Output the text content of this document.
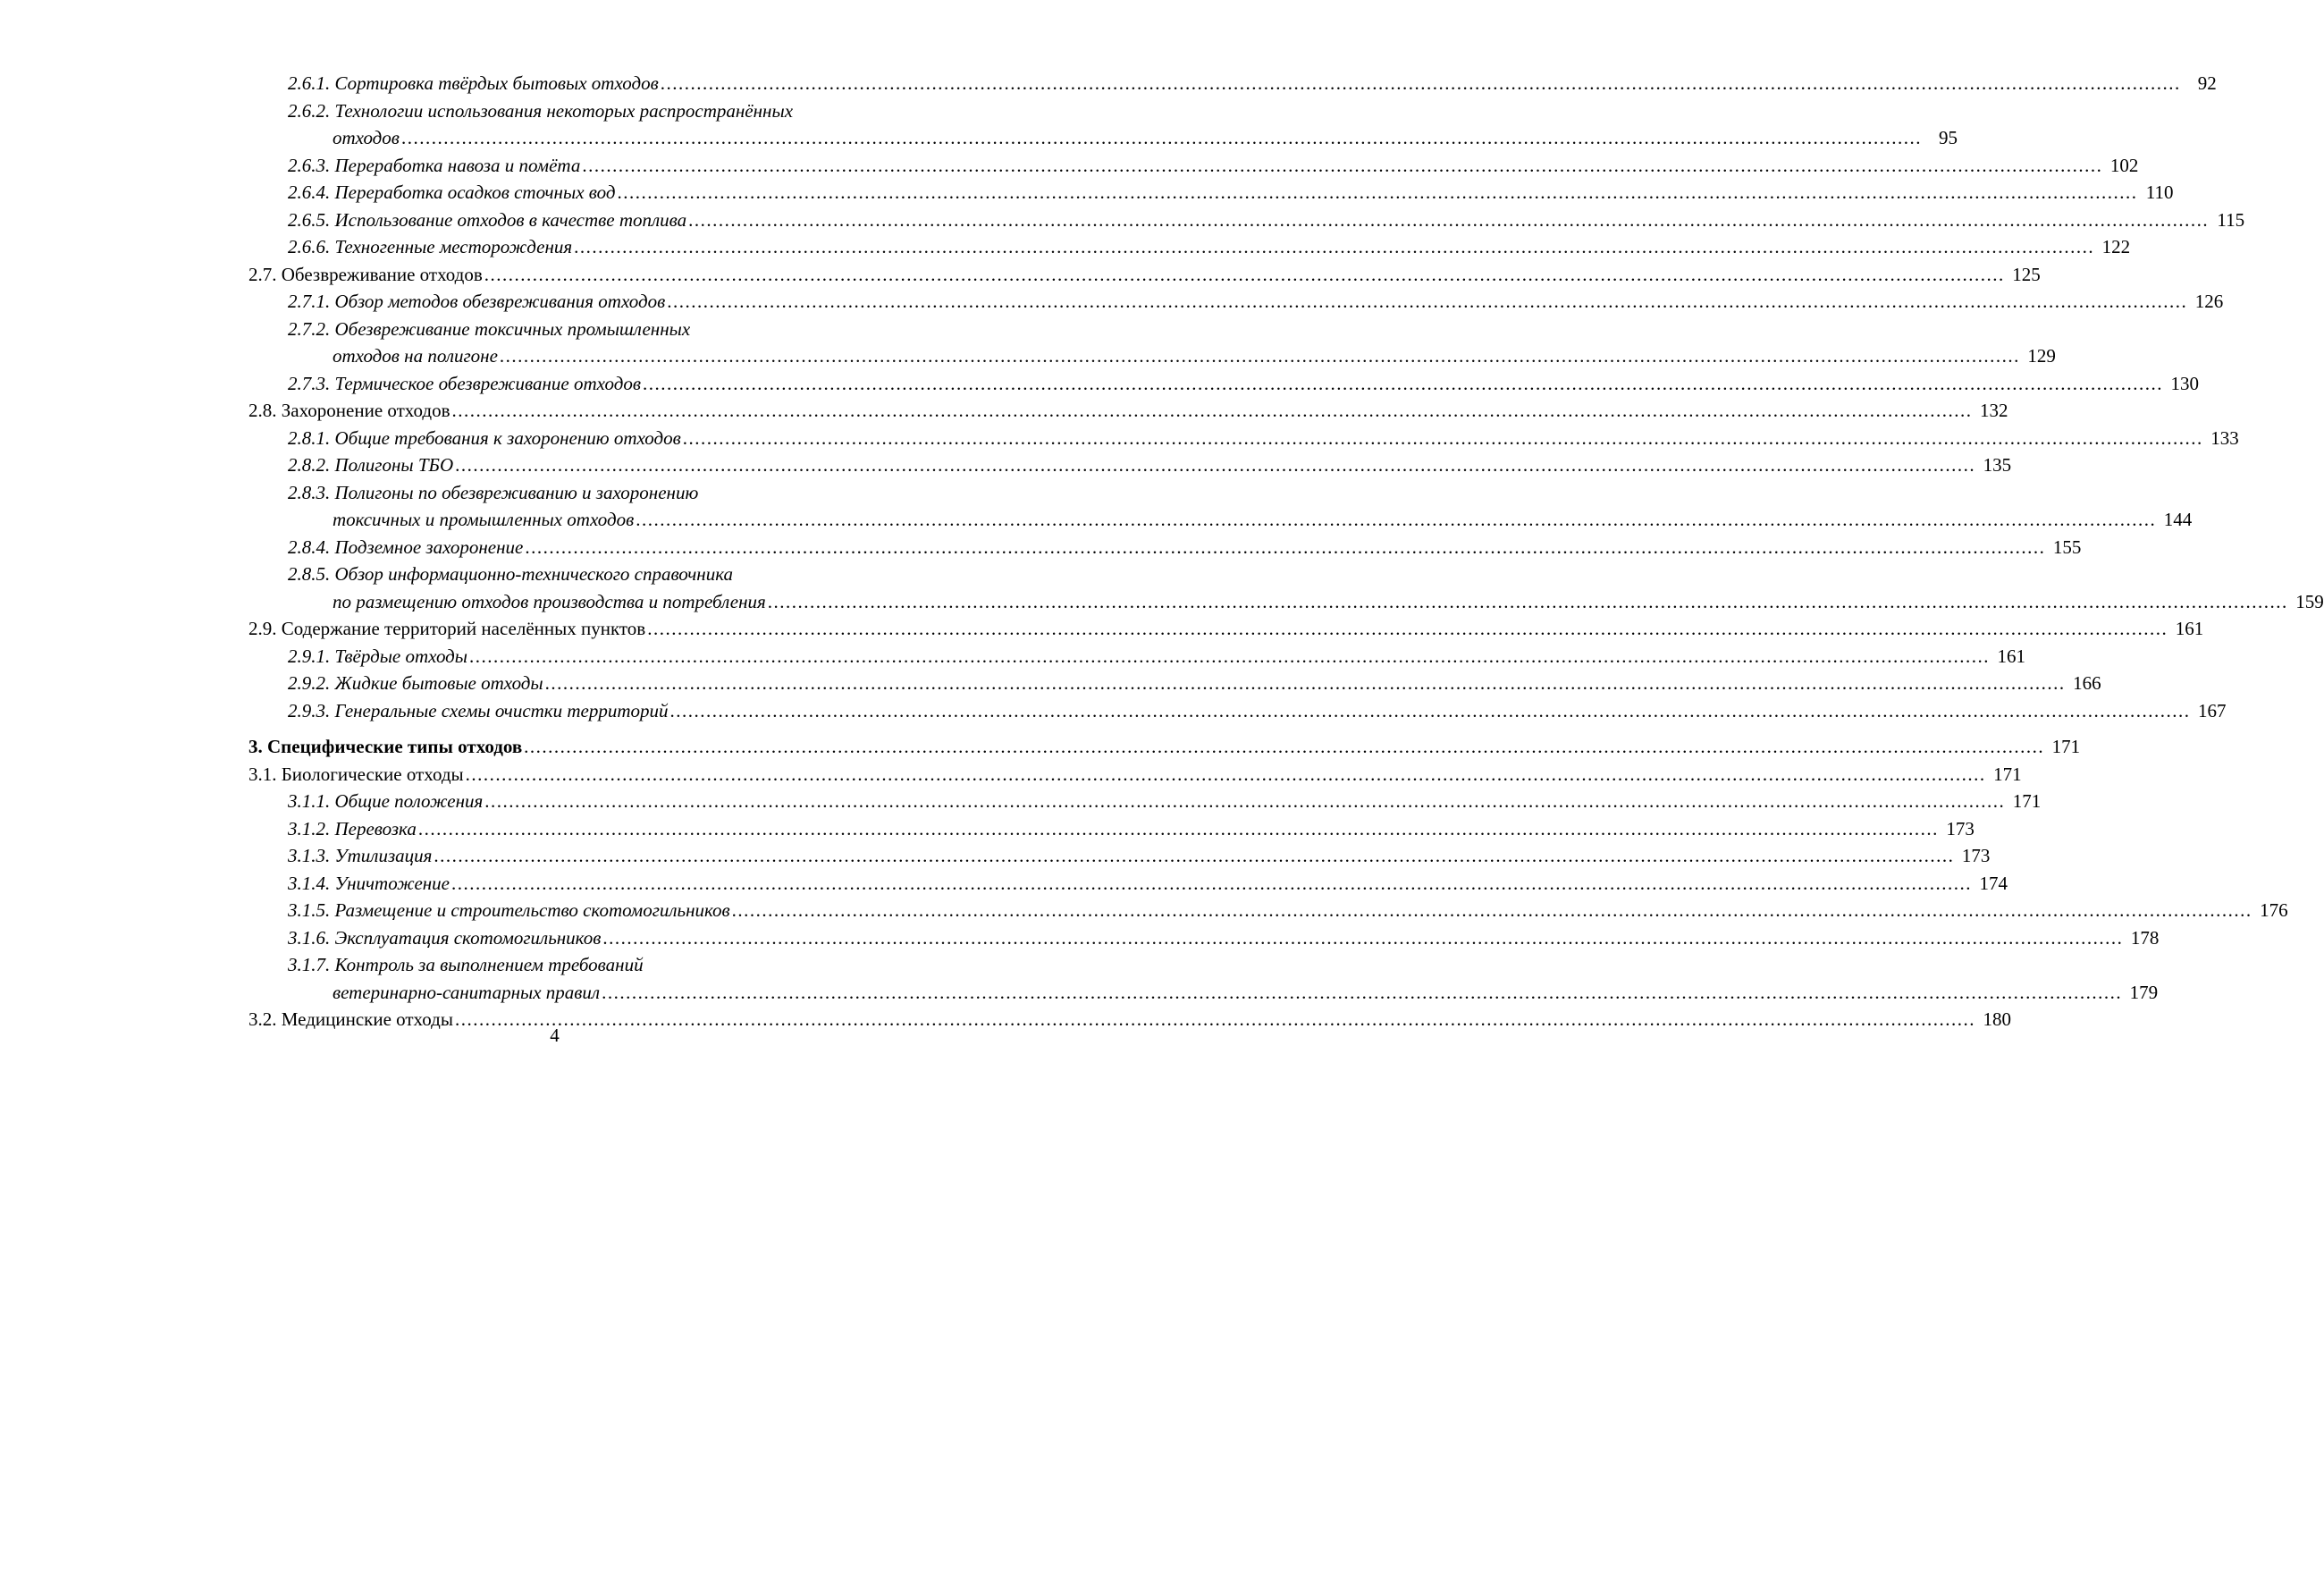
2.6.1. Сортировка твёрдых бытовых отходов .....	92
2.6.2. Технологии использования некоторых распространённых
отходов .....	95
2.6.3. Переработка навоза и помёта .....	102
2.6.4. Переработка осадков сточных вод .....	110
2.6.5. Использование отходов в качестве топлива .....	115
2.6.6. Техногенные месторождения .....	122
2.7. Обезвреживание отходов .....	125
2.7.1. Обзор методов обезвреживания отходов .....	126
2.7.2. Обезвреживание токсичных промышленных
отходов на полигоне .....	129
2.7.3. Термическое обезвреживание отходов .....	130
2.8. Захоронение отходов .....	132
2.8.1. Общие требования к захоронению отходов .....	133
2.8.2. Полигоны ТБО .....	135
2.8.3. Полигоны по обезвреживанию и захоронению
токсичных и промышленных отходов .....	144
2.8.4. Подземное захоронение .....	155
2.8.5. Обзор информационно-технического справочника
по размещению отходов производства и потребления .....	159
2.9. Содержание территорий населённых пунктов .....	161
2.9.1. Твёрдые отходы .....	161
2.9.2. Жидкие бытовые отходы .....	166
2.9.3. Генеральные схемы очистки территорий .....	167
3. Специфические типы отходов .....	171
3.1. Биологические отходы .....	171
3.1.1. Общие положения .....	171
3.1.2. Перевозка .....	173
3.1.3. Утилизация .....	173
3.1.4. Уничтожение .....	174
3.1.5. Размещение и строительство скотомогильников .....	176
3.1.6. Эксплуатация скотомогильников .....	178
3.1.7. Контроль за выполнением требований
ветеринарно-санитарных правил .....	179
3.2. Медицинские отходы .....	180
4
